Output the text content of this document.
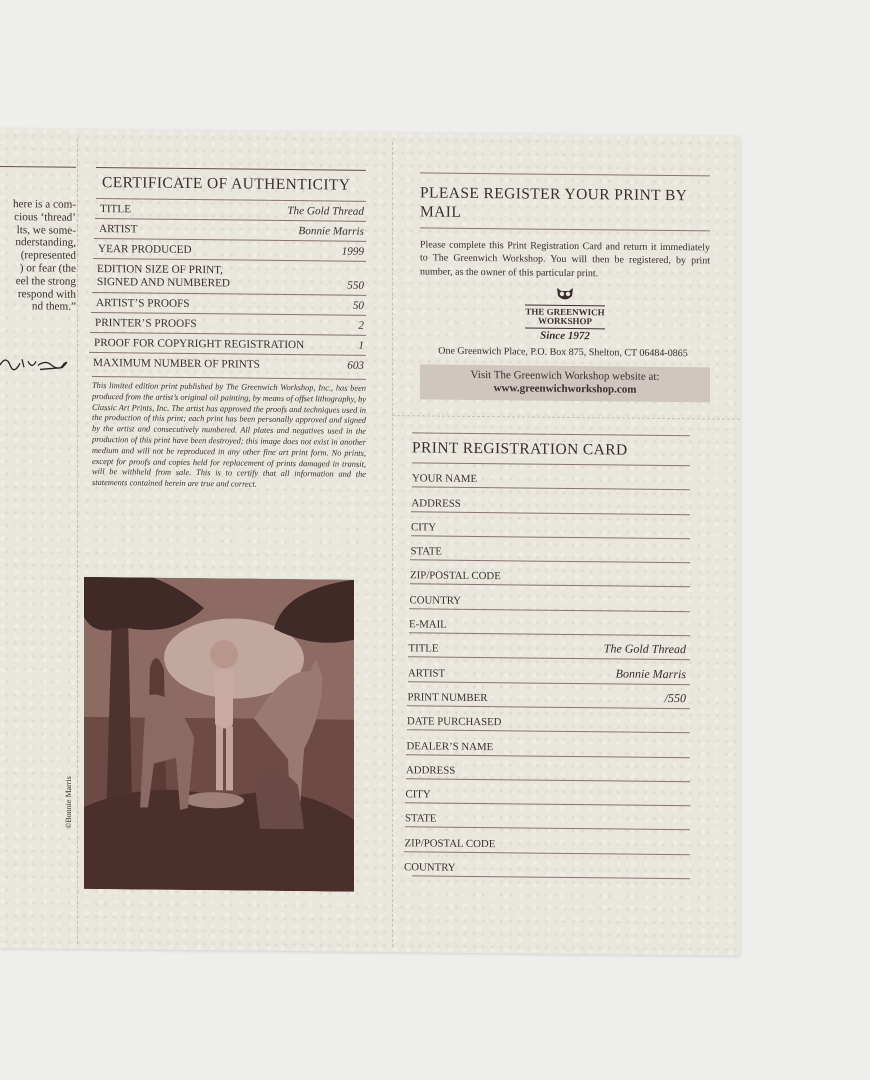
here is a com-

cious ‘thread’

lts, we some-

nderstanding,

(represented

) or fear (the

eel the strong

respond with

nd them.”

CERTIFICATE OF AUTHENTICITY
TITLE	The Gold Thread
ARTIST	Bonnie Marris
YEAR PRODUCED	1999
EDITION SIZE OF PRINT, SIGNED AND NUMBERED	550
ARTIST’S PROOFS	50
PRINTER’S PROOFS	2
PROOF FOR COPYRIGHT REGISTRATION	1
MAXIMUM NUMBER OF PRINTS	603

This limited edition print published by The Greenwich Workshop, Inc., has been produced from the artist’s original oil painting, by means of offset lithography, by Classic Art Prints, Inc. The artist has approved the proofs and techniques used in the production of this print; each print has been personally approved and signed by the artist and consecutively numbered. All plates and negatives used in the production of this print have been destroyed; this image does not exist in another medium and will not be reproduced in any other fine art print form. No prints, except for proofs and copies held for replacement of prints damaged in transit, will be withheld from sale. This is to certify that all information and the statements contained herein are true and correct.

©Bonnie Marris
PLEASE REGISTER YOUR PRINT BY MAIL

Please complete this Print Registration Card and return it immediately to The Greenwich Workshop. You will then be registered, by print number, as the owner of this particular print.

THE GREENWICH
WORKSHOP
Since 1972
One Greenwich Place, P.O. Box 875, Shelton, CT 06484-0865
Visit The Greenwich Workshop website at:
www.greenwichworkshop.com
PRINT REGISTRATION CARD
YOUR NAME
ADDRESS
CITY
STATE
ZIP/POSTAL CODE
COUNTRY
E-MAIL
TITLE	The Gold Thread
ARTIST	Bonnie Marris
PRINT NUMBER	/550
DATE PURCHASED
DEALER’S NAME
ADDRESS
CITY
STATE
ZIP/POSTAL CODE
COUNTRY
